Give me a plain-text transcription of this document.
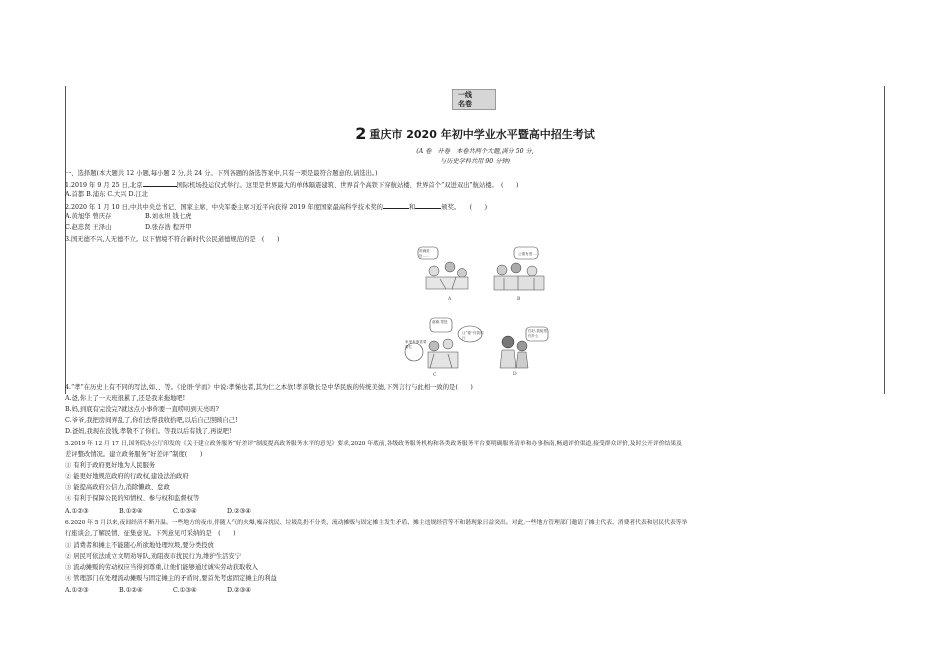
一线
名卷
2 重庆市 2020 年初中学业水平暨高中招生考试
(A 卷　开卷　本卷共两个大题,满分 50 分,
与历史学科共用 90 分钟)
一、选择题(本大题共 12 小题,每小题 2 分,共 24 分。下列各题的备选答案中,只有一项是最符合题意的,请选出。)
1.2019 年 9 月 25 日,北京	国际机场投运仪式举行。这里是世界最大的单体隔震建筑、世界首个高铁下穿航站楼、世界首个“双进双出”航站楼。　(　　)
A.首都 B.浦东 C.大兴 D.江北
2.2020 年 1 月 10 日,中共中央总书记、国家主席、中央军委主席习近平向获得 2019 年度国家最高科学技术奖的	和	颁奖。　　(　　)
A.黄旭华 曾庆存	B.刘永坦 钱七虎
C.赵忠贤 王泽山	D.张存浩 程开甲
3.国无德不兴,人无德不立。以下情境不符合新时代公民道德规范的是　(　　)
准确爱好……
A	B
C	D
4.“孝”在历史上有不同的写法,如、、等。《论语·学而》中说:孝悌也者,其为仁之本欤!孝亲敬长是中华民族的传统美德,下列言行与此相一致的是(　　)
A.爸,你上了一天班很累了,还是我来拖地吧!
B.妈,到底有完没完?就这点小事你要一直唠叨到天亮吗?
C.爷爷,我把房间弄乱了,你们去帮我收拾吧,以后自己照顾自己!
D.爸妈,我现在没钱,孝敬不了你们。等我以后有钱了,再说吧!
5.2019 年 12 月 17 日,国务院办公厅印发的《关于建立政务服务“好差评”制度提高政务服务水平的意见》要求,2020 年底前,各级政务服务机构和各类政务服务平台要明确服务清单和办事指南,畅通评价渠道,接受群众评价,及时公开评价结果及
差评整改情况。建立政务服务“好差评”制度(　　)
① 有利于政府更好地为人民服务
② 能更好地规范政府的行政权,建设法治政府
③ 能提高政府公信力,消除懒政、怠政
④ 有利于保障公民的知情权、参与权和监督权等
A.①②③	B.①②④	C.①③④	D.②③④
6.2020 年 5 月以来,夜间经济不断升温。一些地方的夜市,伴随人气的火爆,噪音扰民、垃圾乱扔不分类、流动摊贩与固定摊主发生矛盾、摊主违规经营等不和谐现象日益突出。对此,一些地方管理部门邀请了摊主代表、消费者代表和居民代表等举
行座谈会,了解民情、征集意见。下列意见可采纳的是　(　　)
① 消费者和摊主不能随心所欲地处理垃圾,要分类投放
② 居民可依法成立文明劝导队,劝阻夜市扰民行为,维护生活安宁
③ 流动摊贩的劳动权应当得到尊重,让他们能够通过诚实劳动获取收入
④ 管理部门在处理流动摊贩与固定摊主的矛盾时,要首先考虑固定摊主的利益
A.①②③	B.①②④	C.①③④	D.②③④
公德有度……
家里有事需要帮忙
谢谢,帮您
让“德”伴我同行
你好,我能帮你什么
